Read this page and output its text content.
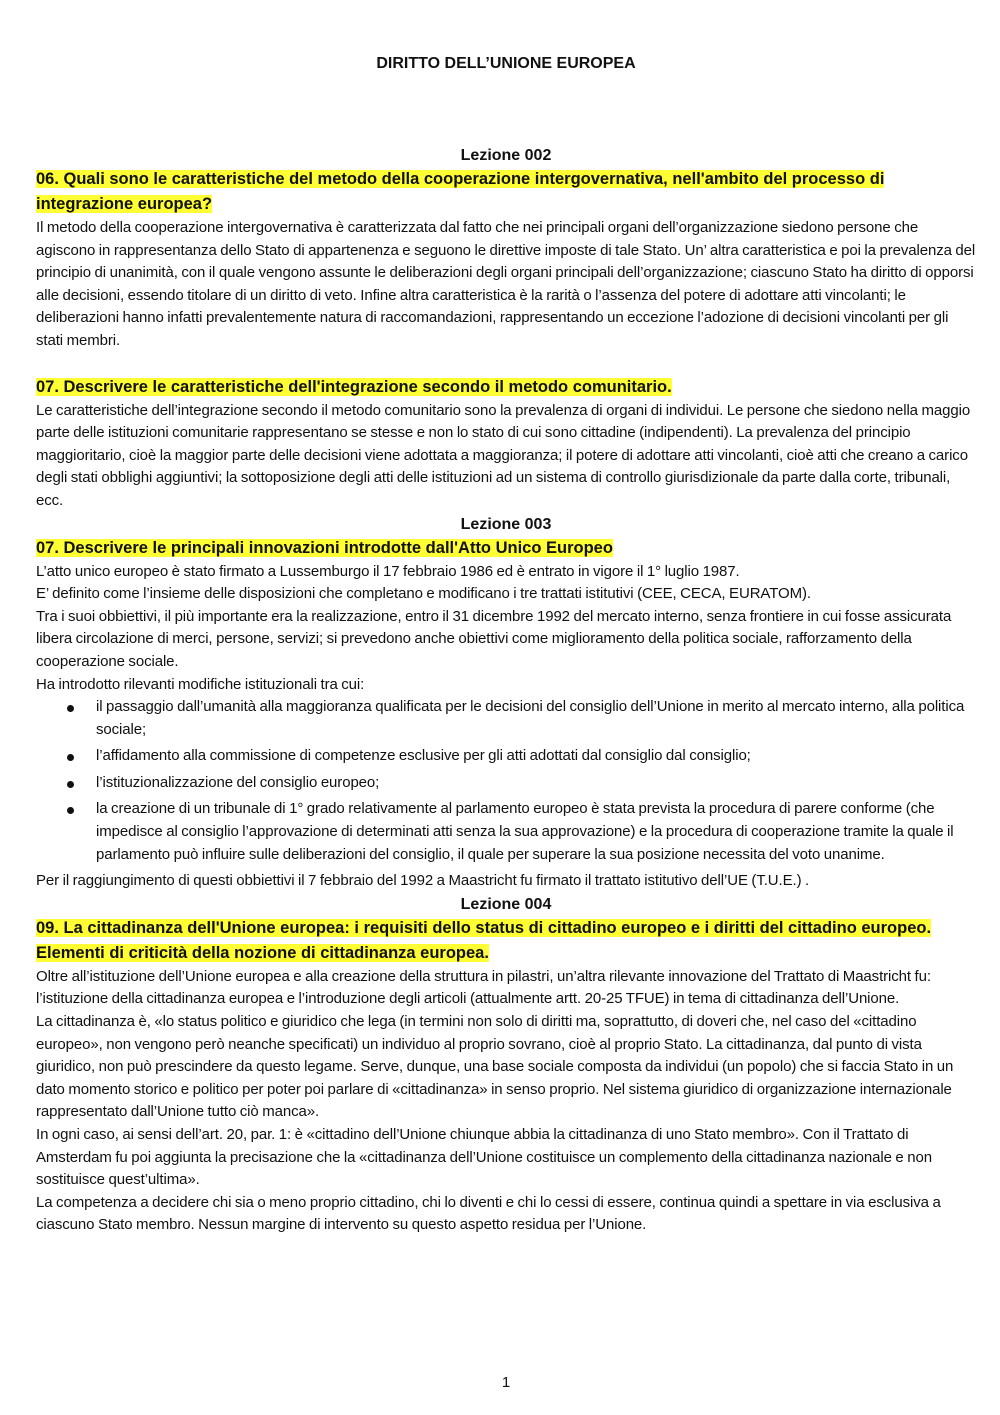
DIRITTO DELL’UNIONE EUROPEA
Lezione 002
06. Quali sono le caratteristiche del metodo della cooperazione intergovernativa, nell'ambito del processo di integrazione europea?

Il metodo della cooperazione intergovernativa è caratterizzata dal fatto che nei principali organi dell’organizzazione siedono persone che agiscono in rappresentanza dello Stato di appartenenza e seguono le direttive imposte di tale Stato. Un’ altra caratteristica e poi la prevalenza del principio di unanimità, con il quale vengono assunte le deliberazioni degli organi principali dell’organizzazione; ciascuno Stato ha diritto di opporsi alle decisioni, essendo titolare di un diritto di veto. Infine altra caratteristica è la rarità o l’assenza del potere di adottare atti vincolanti; le deliberazioni hanno infatti prevalentemente natura di raccomandazioni, rappresentando un eccezione l’adozione di decisioni vincolanti per gli stati membri.

07. Descrivere le caratteristiche dell'integrazione secondo il metodo comunitario.

Le caratteristiche dell’integrazione secondo il metodo comunitario sono la prevalenza di organi di individui. Le persone che siedono nella maggio parte delle istituzioni comunitarie rappresentano se stesse e non lo stato di cui sono cittadine (indipendenti). La prevalenza del principio maggioritario, cioè la maggior parte delle decisioni viene adottata a maggioranza; il potere di adottare atti vincolanti, cioè atti che creano a carico degli stati obblighi aggiuntivi; la sottoposizione degli atti delle istituzioni ad un sistema di controllo giurisdizionale da parte dalla corte, tribunali, ecc.

Lezione 003
07. Descrivere le principali innovazioni introdotte dall'Atto Unico Europeo

L’atto unico europeo è stato firmato a Lussemburgo il 17 febbraio 1986 ed è entrato in vigore il 1° luglio 1987.

E’ definito come l’insieme delle disposizioni che completano e modificano i tre trattati istitutivi (CEE, CECA, EURATOM).

Tra i suoi obbiettivi, il più importante era la realizzazione, entro il 31 dicembre 1992 del mercato interno, senza frontiere in cui fosse assicurata libera circolazione di merci, persone, servizi; si prevedono anche obiettivi come miglioramento della politica sociale, rafforzamento della cooperazione sociale.

Ha introdotto rilevanti modifiche istituzionali tra cui:

il passaggio dall’umanità alla maggioranza qualificata per le decisioni del consiglio dell’Unione in merito al mercato interno, alla politica sociale;
l’affidamento alla commissione di competenze esclusive per gli atti adottati dal consiglio dal consiglio;
l’istituzionalizzazione del consiglio europeo;
la creazione di un tribunale di 1° grado relativamente al parlamento europeo è stata prevista la procedura di parere conforme (che impedisce al consiglio l’approvazione di determinati atti senza la sua approvazione) e la procedura di cooperazione tramite la quale il parlamento può influire sulle deliberazioni del consiglio, il quale per superare la sua posizione necessita del voto unanime.

Per il raggiungimento di questi obbiettivi il 7 febbraio del 1992 a Maastricht fu firmato il trattato istitutivo dell’UE (T.U.E.) .

Lezione 004
09. La cittadinanza dell'Unione europea: i requisiti dello status di cittadino europeo e i diritti del cittadino europeo. Elementi di criticità della nozione di cittadinanza europea.

Oltre all’istituzione dell’Unione europea e alla creazione della struttura in pilastri, un’altra rilevante innovazione del Trattato di Maastricht fu: l’istituzione della cittadinanza europea e l’introduzione degli articoli (attualmente artt. 20-25 TFUE) in tema di cittadinanza dell’Unione.

La cittadinanza è, «lo status politico e giuridico che lega (in termini non solo di diritti ma, soprattutto, di doveri che, nel caso del «cittadino europeo», non vengono però neanche specificati) un individuo al proprio sovrano, cioè al proprio Stato. La cittadinanza, dal punto di vista giuridico, non può prescindere da questo legame. Serve, dunque, una base sociale composta da individui (un popolo) che si faccia Stato in un dato momento storico e politico per poter poi parlare di «cittadinanza» in senso proprio. Nel sistema giuridico di organizzazione internazionale rappresentato dall’Unione tutto ciò manca».

In ogni caso, ai sensi dell’art. 20, par. 1: è «cittadino dell’Unione chiunque abbia la cittadinanza di uno Stato membro». Con il Trattato di Amsterdam fu poi aggiunta la precisazione che la «cittadinanza dell’Unione costituisce un complemento della cittadinanza nazionale e non sostituisce quest’ultima».

La competenza a decidere chi sia o meno proprio cittadino, chi lo diventi e chi lo cessi di essere, continua quindi a spettare in via esclusiva a ciascuno Stato membro. Nessun margine di intervento su questo aspetto residua per l’Unione.

1
